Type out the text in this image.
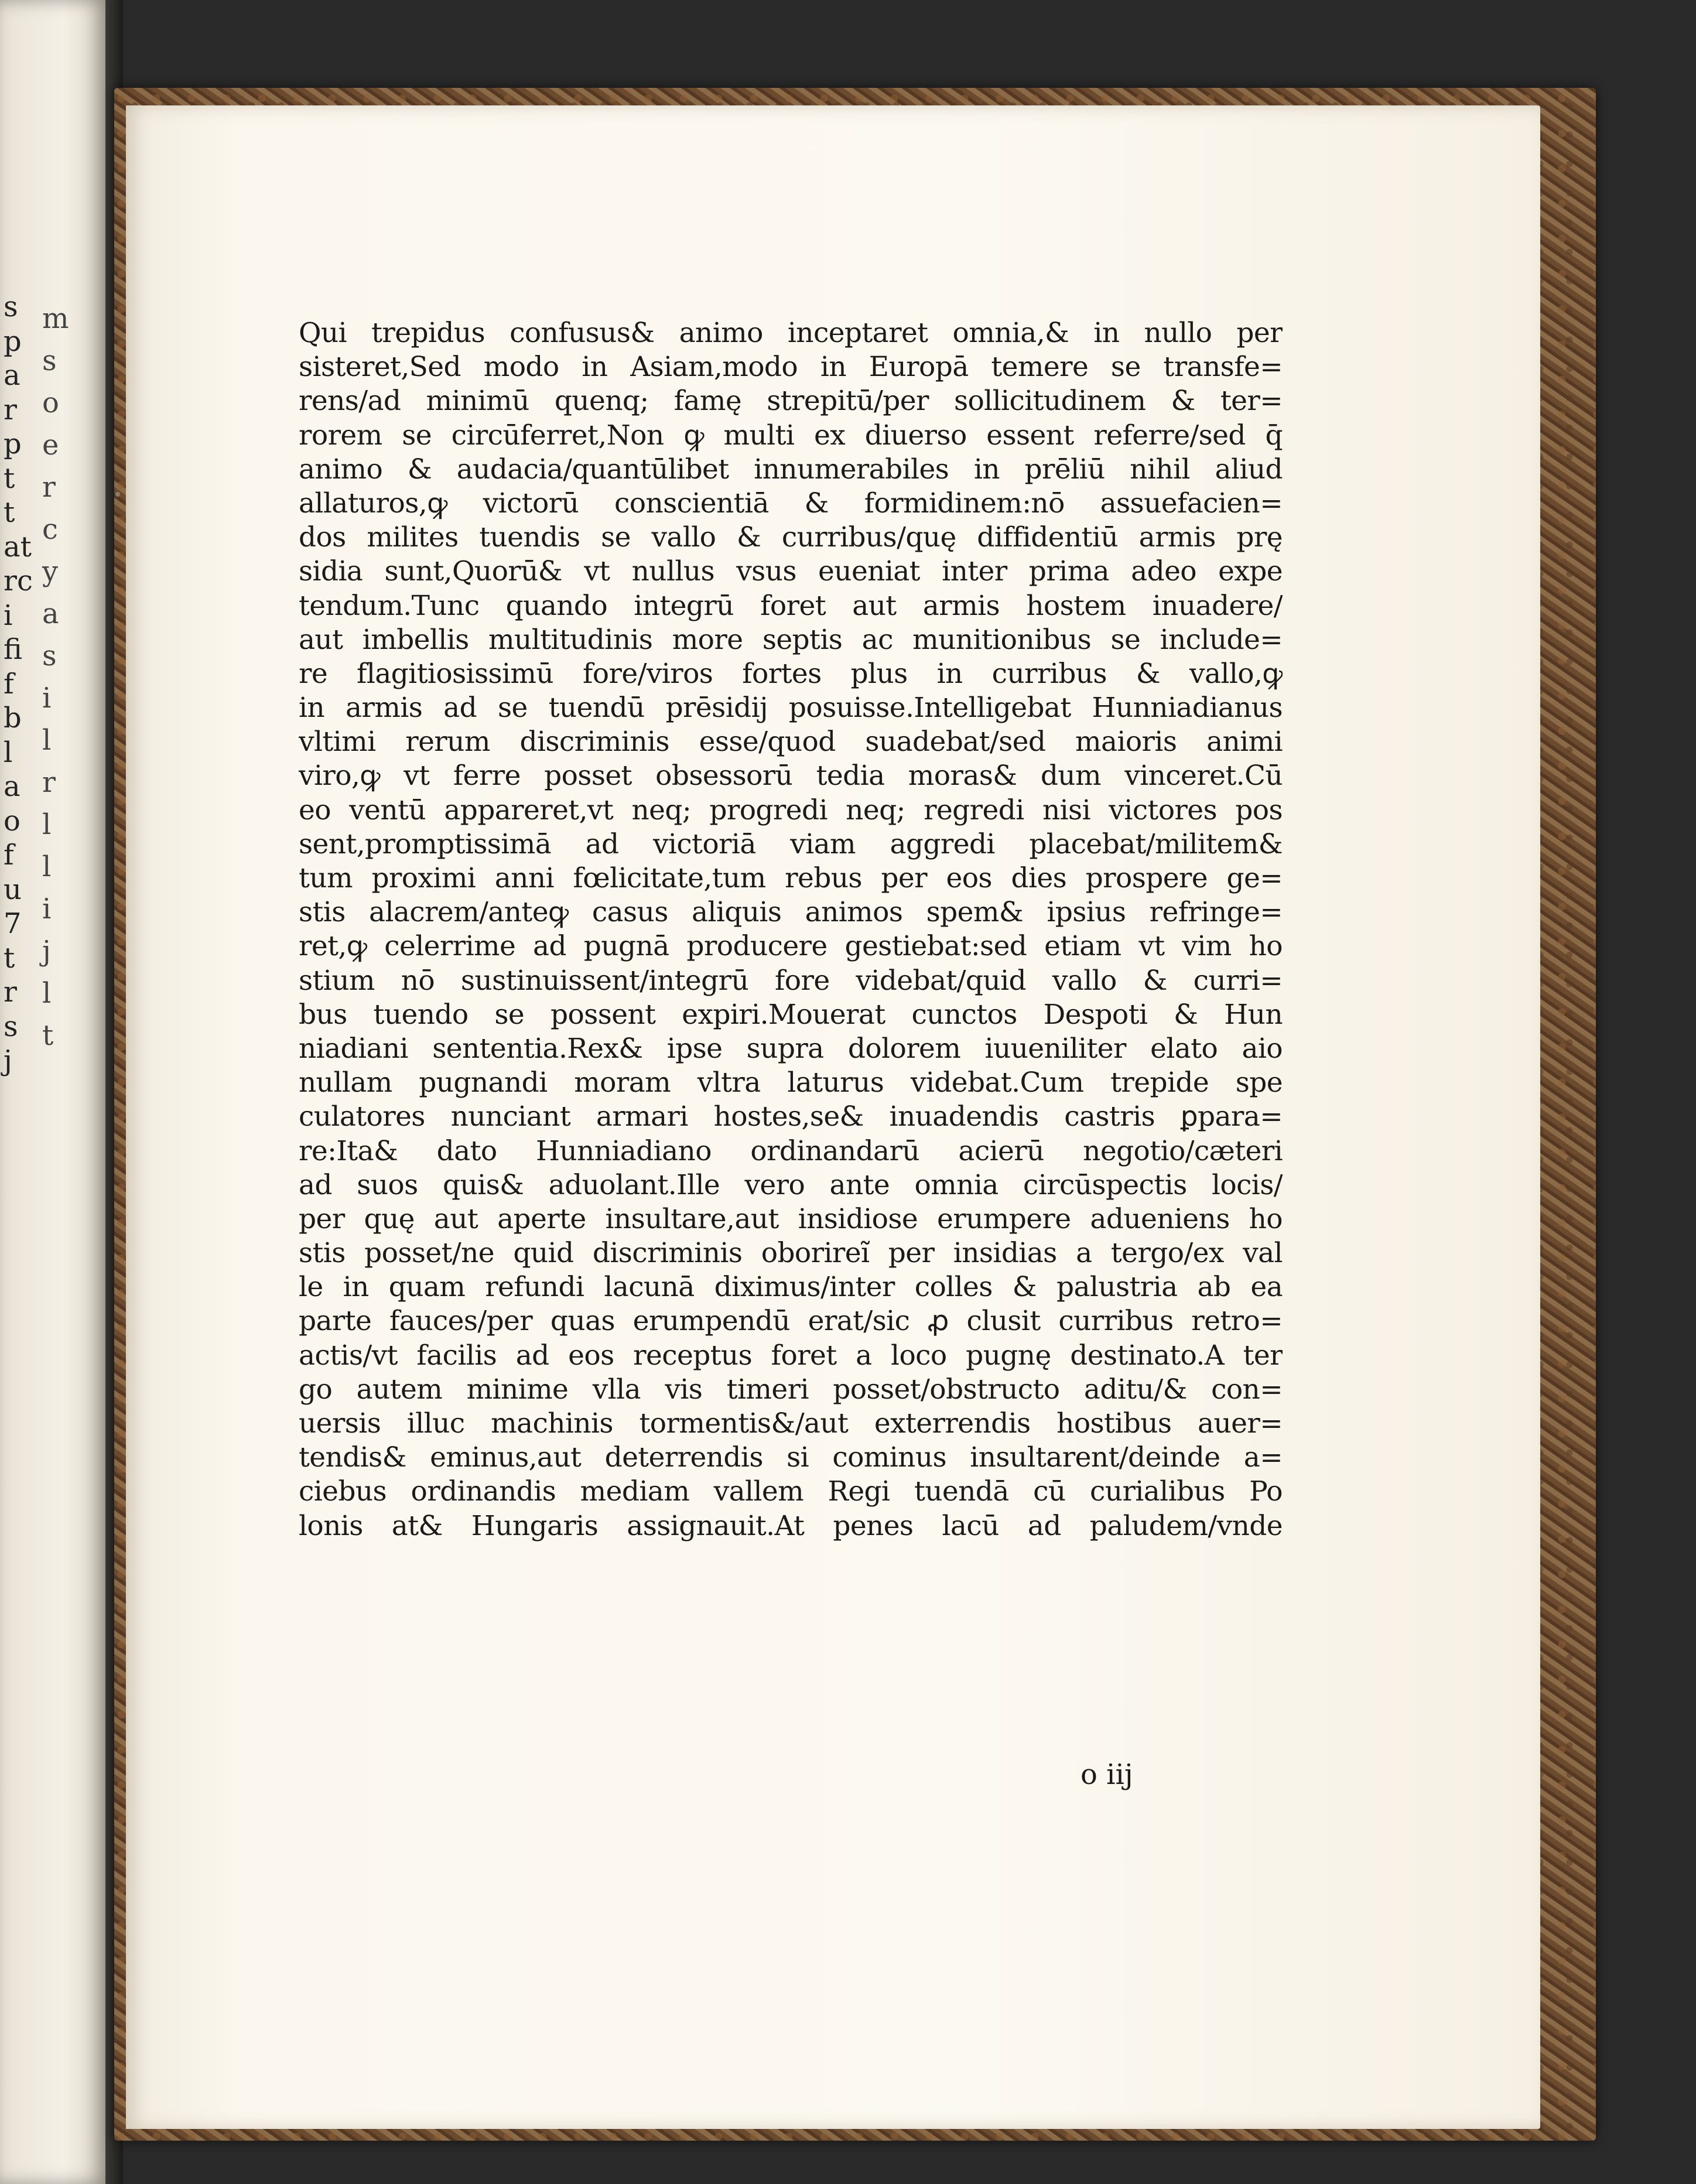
s
p
a
r
p
t
t
at
rc
i
fi
f
b
l
a
o
f
u
7
t
r
s
j
m
s
o
e
r
c
y
a
s
i
l
r
l
l
i
j
l
t
Qui trepidus confusus& animo inceptaret omnia,& in nullo per
sisteret,Sed modo in Asiam,modo in Europā temere se transfe=
rens/ad minimū quenq; famę strepitū/per sollicitudinem & ter=
rorem se circūferret,Non ꝙ multi ex diuerso essent referre/sed q̄
animo & audacia/quantūlibet innumerabiles in prēliū nihil aliud
allaturos,ꝙ victorū conscientiā & formidinem:nō assuefacien=
dos milites tuendis se vallo & curribus/quę diffidentiū armis prę
sidia sunt,Quorū& vt nullus vsus eueniat inter prima adeo expe
tendum.Tunc quando integrū foret aut armis hostem inuadere/
aut imbellis multitudinis more septis ac munitionibus se include=
re flagitiosissimū fore/viros fortes plus in curribus & vallo,ꝙ
in armis ad se tuendū prēsidij posuisse.Intelligebat Hunniadianus
vltimi rerum discriminis esse/quod suadebat/sed maioris animi
viro,ꝙ vt ferre posset obsessorū tedia moras& dum vinceret.Cū
eo ventū appareret,vt neq; progredi neq; regredi nisi victores pos
sent,promptissimā ad victoriā viam aggredi placebat/militem&
tum proximi anni fœlicitate,tum rebus per eos dies prospere ge=
stis alacrem/anteꝙ casus aliquis animos spem& ipsius refringe=
ret,ꝙ celerrime ad pugnā producere gestiebat:sed etiam vt vim ho
stium nō sustinuissent/integrū fore videbat/quid vallo & curri=
bus tuendo se possent expiri.Mouerat cunctos Despoti & Hun
niadiani sententia.Rex& ipse supra dolorem iuueniliter elato aio
nullam pugnandi moram vltra laturus videbat.Cum trepide spe
culatores nunciant armari hostes,se& inuadendis castris ꝑpara=
re:Ita& dato Hunniadiano ordinandarū acierū negotio/cæteri
ad suos quis& aduolant.Ille vero ante omnia circūspectis locis/
per quę aut aperte insultare,aut insidiose erumpere adueniens ho
stis posset/ne quid discriminis oborireĩ per insidias a tergo/ex val
le in quam refundi lacunā diximus/inter colles & palustria ab ea
parte fauces/per quas erumpendū erat/sic ꝓ clusit curribus retro=
actis/vt facilis ad eos receptus foret a loco pugnę destinato.A ter
go autem minime vlla vis timeri posset/obstructo aditu/& con=
uersis illuc machinis tormentis&/aut exterrendis hostibus auer=
tendis& eminus,aut deterrendis si cominus insultarent/deinde a=
ciebus ordinandis mediam vallem Regi tuendā cū curialibus Po
lonis at& Hungaris assignauit.At penes lacū ad paludem/vnde
o iij
